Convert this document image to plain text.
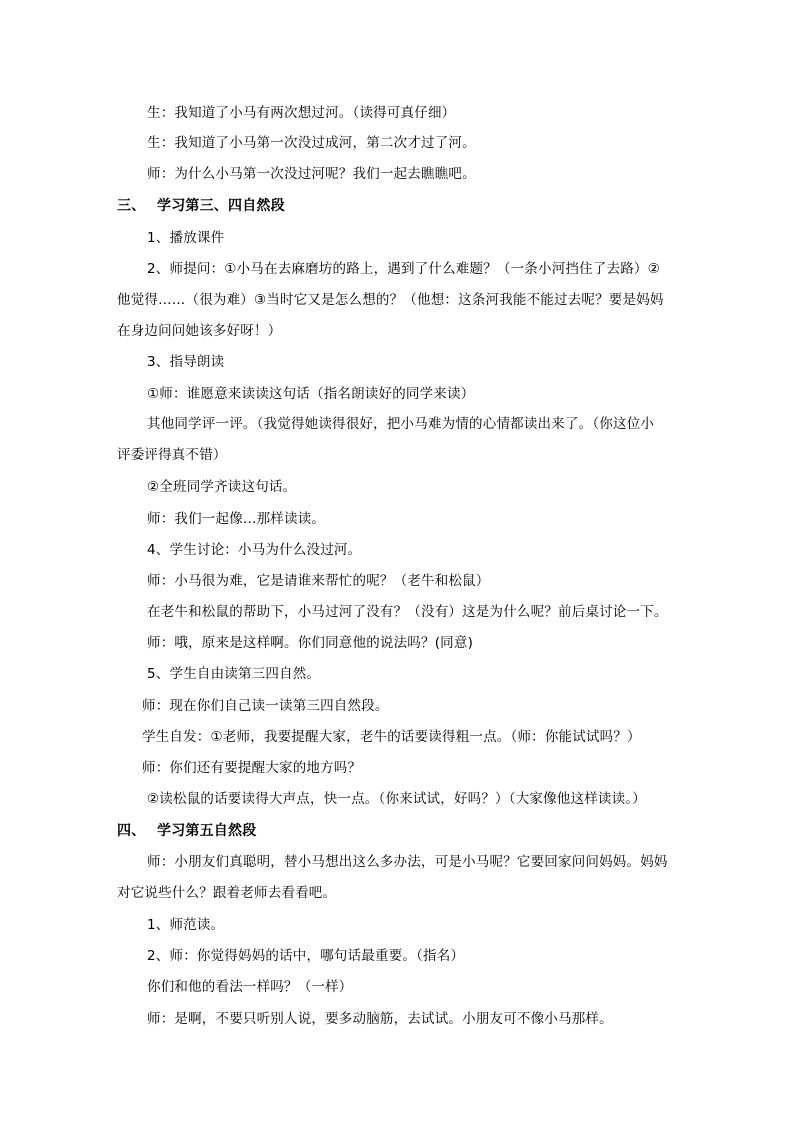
生：我知道了小马有两次想过河。（读得可真仔细）
生：我知道了小马第一次没过成河，第二次才过了河。
师：为什么小马第一次没过河呢？我们一起去瞧瞧吧。
三、 学习第三、四自然段
1、播放课件
2、师提问：①小马在去麻磨坊的路上，遇到了什么难题？（一条小河挡住了去路）②
他觉得……（很为难）③当时它又是怎么想的？（他想：这条河我能不能过去呢？要是妈妈
在身边问问她该多好呀！）
3、指导朗读
①师：谁愿意来读读这句话（指名朗读好的同学来读）
其他同学评一评。（我觉得她读得很好，把小马难为情的心情都读出来了。（你这位小
评委评得真不错）
②全班同学齐读这句话。
师：我们一起像…那样读读。
4、学生讨论：小马为什么没过河。
师：小马很为难，它是请谁来帮忙的呢？（老牛和松鼠）
在老牛和松鼠的帮助下，小马过河了没有？（没有）这是为什么呢？前后桌讨论一下。
师：哦，原来是这样啊。你们同意他的说法吗？(同意)
5、学生自由读第三四自然。
师：现在你们自己读一读第三四自然段。
学生自发：①老师，我要提醒大家，老牛的话要读得粗一点。（师：你能试试吗？）
师：你们还有要提醒大家的地方吗？
②读松鼠的话要读得大声点，快一点。（你来试试，好吗？）（大家像他这样读读。）
四、 学习第五自然段
师：小朋友们真聪明，替小马想出这么多办法，可是小马呢？它要回家问问妈妈。妈妈
对它说些什么？跟着老师去看看吧。
1、师范读。
2、师：你觉得妈妈的话中，哪句话最重要。（指名）
你们和他的看法一样吗？（一样）
师：是啊，不要只听别人说，要多动脑筋，去试试。小朋友可不像小马那样。
